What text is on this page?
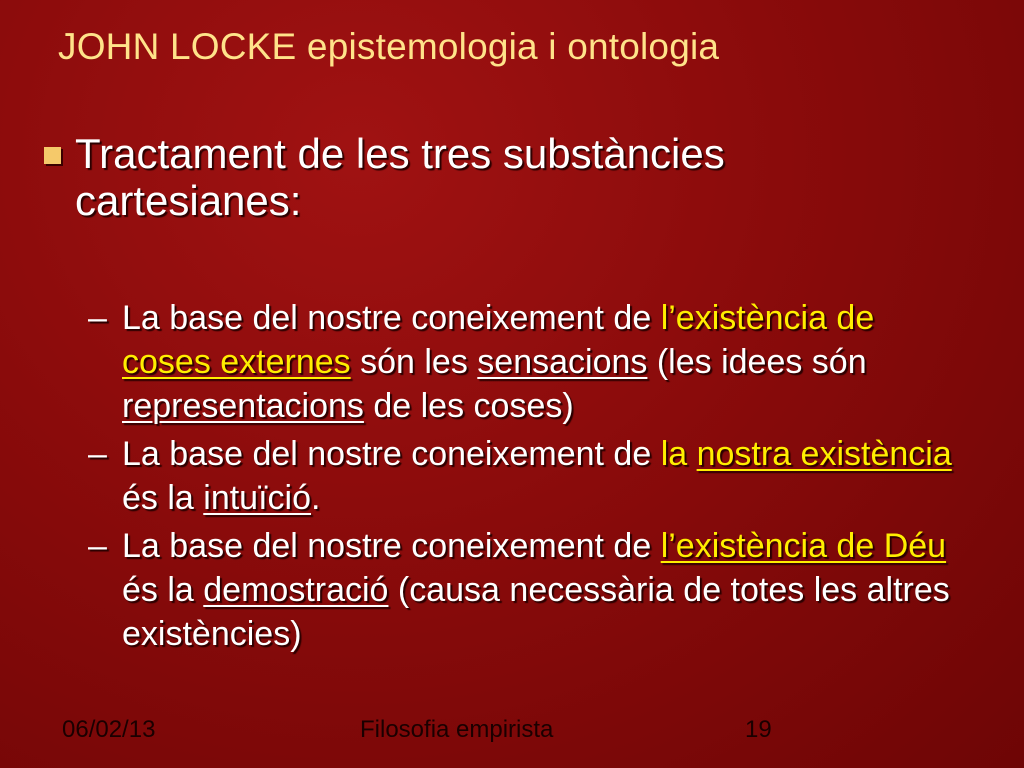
JOHN LOCKE epistemologia i ontologia
Tractament de les tres substàncies cartesianes:
– La base del nostre coneixement de l’existència de coses externes són les sensacions (les idees són representacions de les coses)
– La base del nostre coneixement de la nostra existència és la intuïció.
– La base del nostre coneixement de l’existència de Déu és la demostració (causa necessària de totes les altres existències)
06/02/13	Filosofia empirista	19
